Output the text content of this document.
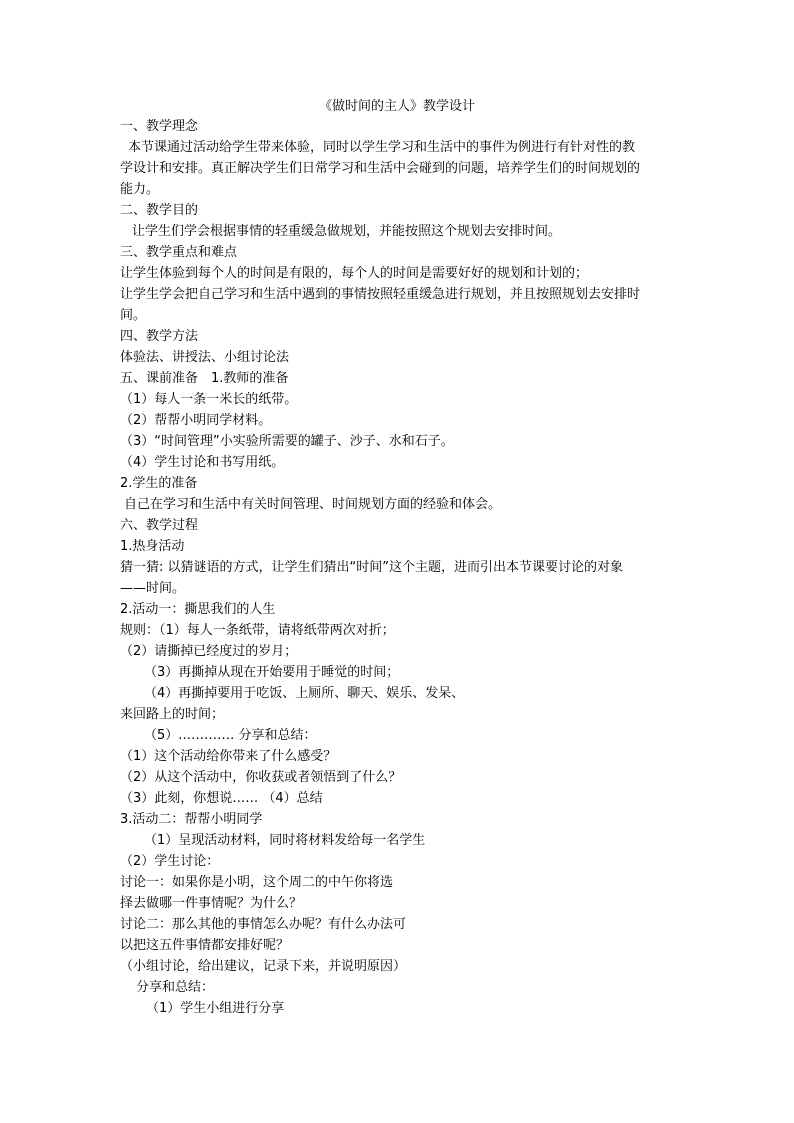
《做时间的主人》教学设计
一、教学理念
本节课通过活动给学生带来体验，同时以学生学习和生活中的事件为例进行有针对性的教
学设计和安排。真正解决学生们日常学习和生活中会碰到的问题，培养学生们的时间规划的
能力。
二、教学目的
让学生们学会根据事情的轻重缓急做规划，并能按照这个规划去安排时间。
三、教学重点和难点
让学生体验到每个人的时间是有限的，每个人的时间是需要好好的规划和计划的；
让学生学会把自己学习和生活中遇到的事情按照轻重缓急进行规划，并且按照规划去安排时
间。
四、教学方法
体验法、讲授法、小组讨论法
五、课前准备　1.教师的准备
（1）每人一条一米长的纸带。
（2）帮帮小明同学材料。
（3）“时间管理”小实验所需要的罐子、沙子、水和石子。
（4）学生讨论和书写用纸。
2.学生的准备
自己在学习和生活中有关时间管理、时间规划方面的经验和体会。
六、教学过程
1.热身活动
猜一猜: 以猜谜语的方式，让学生们猜出“时间”这个主题，进而引出本节课要讨论的对象
——时间。
2.活动一：撕思我们的人生
规则：（1）每人一条纸带，请将纸带两次对折；
（2）请撕掉已经度过的岁月；
（3）再撕掉从现在开始要用于睡觉的时间；
（4）再撕掉要用于吃饭、上厕所、聊天、娱乐、发呆、
来回路上的时间；
（5）.………… 分享和总结：
（1）这个活动给你带来了什么感受？
（2）从这个活动中，你收获或者领悟到了什么？
（3）此刻，你想说…… （4）总结
3.活动二：帮帮小明同学
（1）呈现活动材料，同时将材料发给每一名学生
（2）学生讨论：
讨论一：如果你是小明，这个周二的中午你将选
择去做哪一件事情呢？为什么？
讨论二：那么其他的事情怎么办呢？有什么办法可
以把这五件事情都安排好呢？
（小组讨论，给出建议，记录下来，并说明原因）
分享和总结：
（1）学生小组进行分享
